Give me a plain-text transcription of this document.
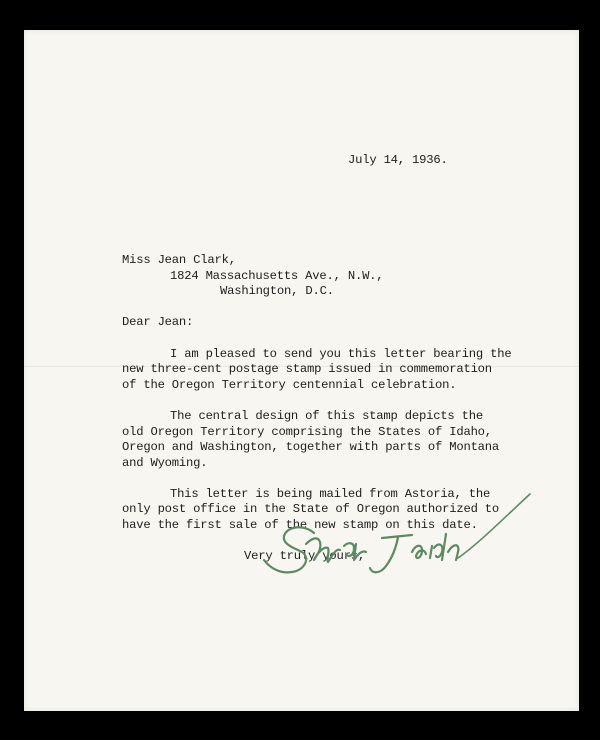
July 14, 1936.
Miss Jean Clark,
1824 Massachusetts Ave., N.W.,
Washington, D.C.
Dear Jean:
I am pleased to send you this letter bearing the
new three-cent postage stamp issued in commemoration
of the Oregon Territory centennial celebration.
The central design of this stamp depicts the
old Oregon Territory comprising the States of Idaho,
Oregon and Washington, together with parts of Montana
and Wyoming.
This letter is being mailed from Astoria, the
only post office in the State of Oregon authorized to
have the first sale of the new stamp on this date.
Very truly yours,
